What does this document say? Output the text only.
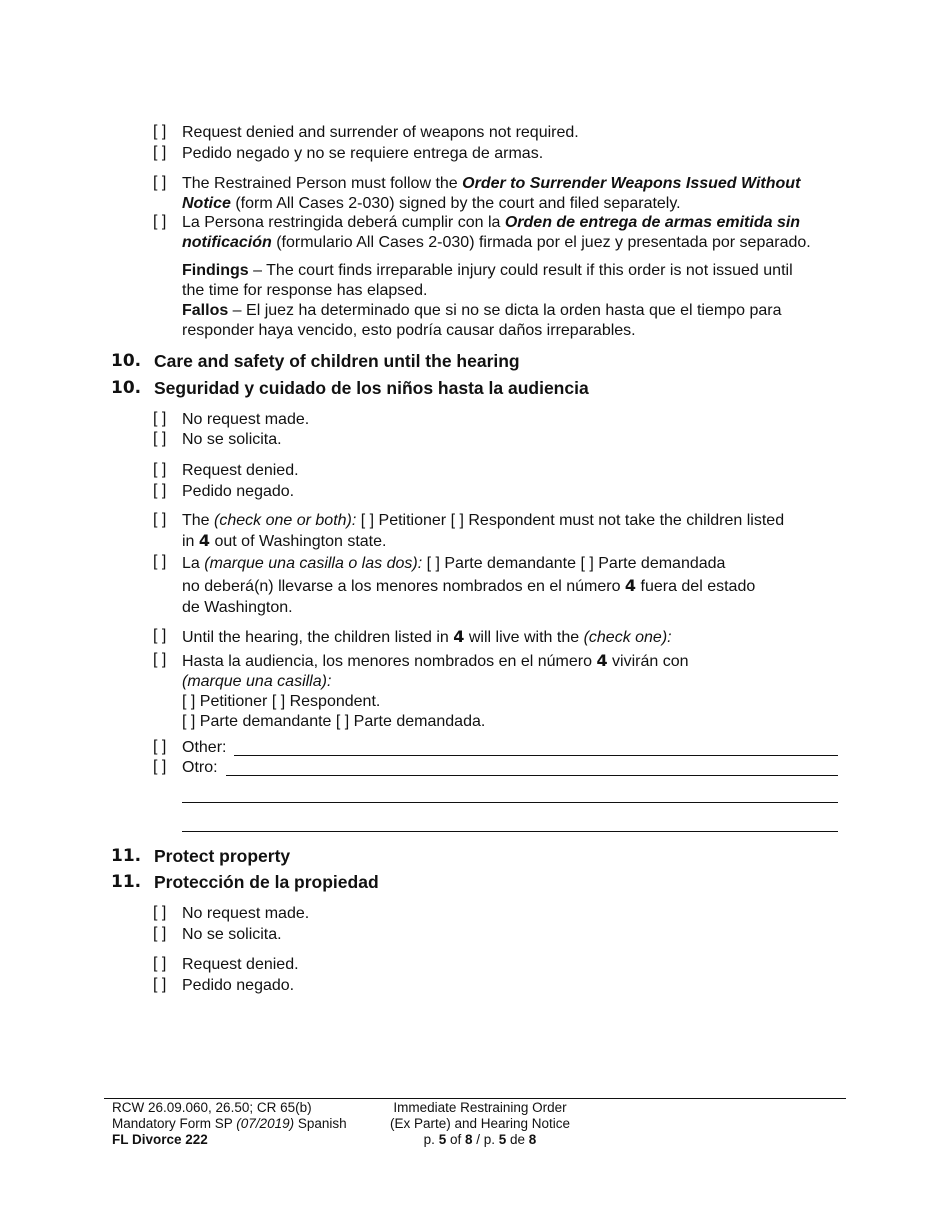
[ ] Request denied and surrender of weapons not required.
[ ] Pedido negado y no se requiere entrega de armas.
[ ] The Restrained Person must follow the Order to Surrender Weapons Issued Without
Notice (form All Cases 2-030) signed by the court and filed separately.
[ ] La Persona restringida deberá cumplir con la Orden de entrega de armas emitida sin
notificación (formulario All Cases 2-030) firmada por el juez y presentada por separado.
Findings – The court finds irreparable injury could result if this order is not issued until
the time for response has elapsed.
Fallos – El juez ha determinado que si no se dicta la orden hasta que el tiempo para
responder haya vencido, esto podría causar daños irreparables.
10. Care and safety of children until the hearing
10. Seguridad y cuidado de los niños hasta la audiencia
[ ] No request made.
[ ] No se solicita.
[ ] Request denied.
[ ] Pedido negado.
[ ] The (check one or both): [ ] Petitioner [ ] Respondent must not take the children listed
in 4 out of Washington state.
[ ] La (marque una casilla o las dos): [ ] Parte demandante [ ] Parte demandada
no deberá(n) llevarse a los menores nombrados en el número 4 fuera del estado
de Washington.
[ ] Until the hearing, the children listed in 4 will live with the (check one):
[ ] Hasta la audiencia, los menores nombrados en el número 4 vivirán con
(marque una casilla):
[ ] Petitioner [ ] Respondent.
[ ] Parte demandante [ ] Parte demandada.
[ ] Other:
[ ] Otro:
11. Protect property
11. Protección de la propiedad
[ ] No request made.
[ ] No se solicita.
[ ] Request denied.
[ ] Pedido negado.
RCW 26.09.060, 26.50; CR 65(b)
Mandatory Form SP (07/2019) Spanish
FL Divorce 222
Immediate Restraining Order
(Ex Parte) and Hearing Notice
p. 5 of 8 / p. 5 de 8
